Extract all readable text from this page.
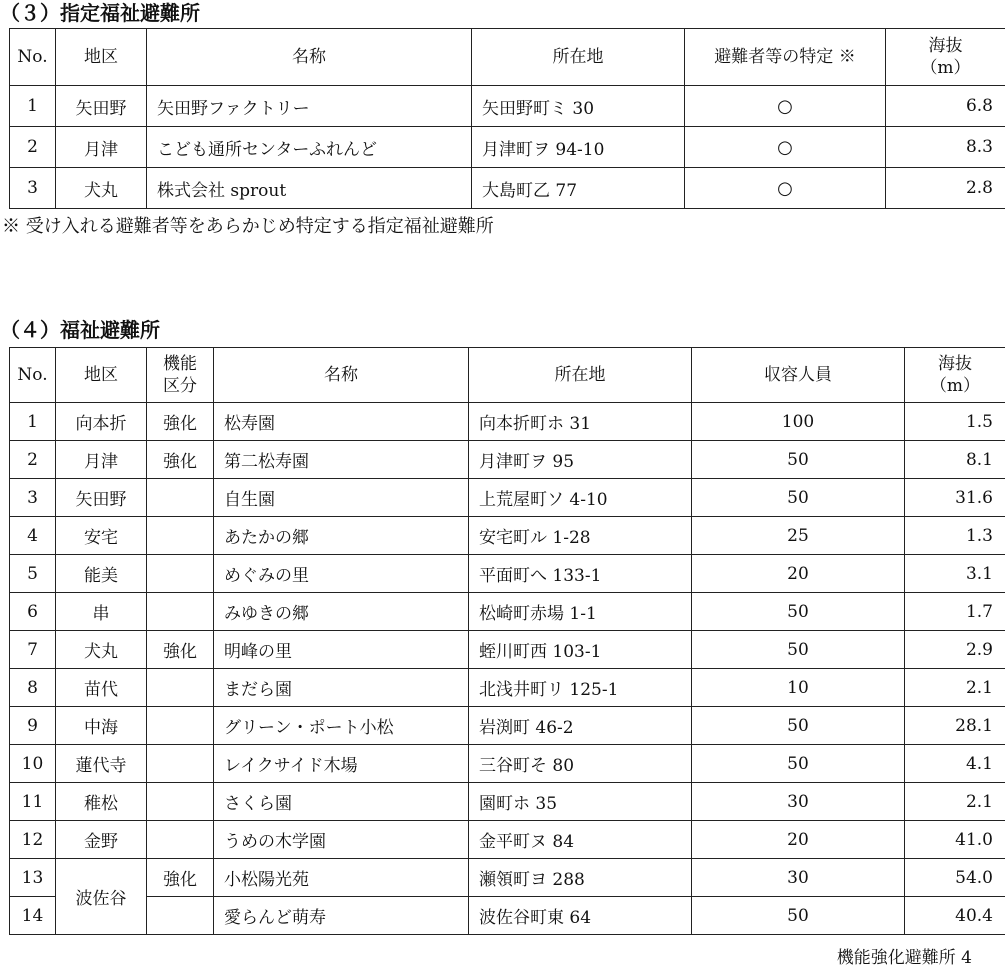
（３）指定福祉避難所
No.	地区	名称	所在地	避難者等の特定 ※	海抜
（m）
1	矢田野	矢田野ファクトリー	矢田野町ミ 30	○	6.8
2	月津	こども通所センターふれんど	月津町ヲ 94-10	○	8.3
3	犬丸	株式会社 sprout	大島町乙 77	○	2.8
※ 受け入れる避難者等をあらかじめ特定する指定福祉避難所
（４）福祉避難所
No.	地区	機能
区分	名称	所在地	収容人員	海抜
（m）
1	向本折	強化	松寿園	向本折町ホ 31	100	1.5
2	月津	強化	第二松寿園	月津町ヲ 95	50	8.1
3	矢田野		自生園	上荒屋町ソ 4-10	50	31.6
4	安宅		あたかの郷	安宅町ル 1-28	25	1.3
5	能美		めぐみの里	平面町へ 133-1	20	3.1
6	串		みゆきの郷	松崎町赤場 1-1	50	1.7
7	犬丸	強化	明峰の里	蛭川町西 103-1	50	2.9
8	苗代		まだら園	北浅井町リ 125-1	10	2.1
9	中海		グリーン・ポート小松	岩渕町 46-2	50	28.1
10	蓮代寺		レイクサイド木場	三谷町そ 80	50	4.1
11	稚松		さくら園	園町ホ 35	30	2.1
12	金野		うめの木学園	金平町ヌ 84	20	41.0
13	波佐谷	強化	小松陽光苑	瀬領町ヨ 288	30	54.0
14			愛らんど萌寿	波佐谷町東 64	50	40.4
機能強化避難所 4
